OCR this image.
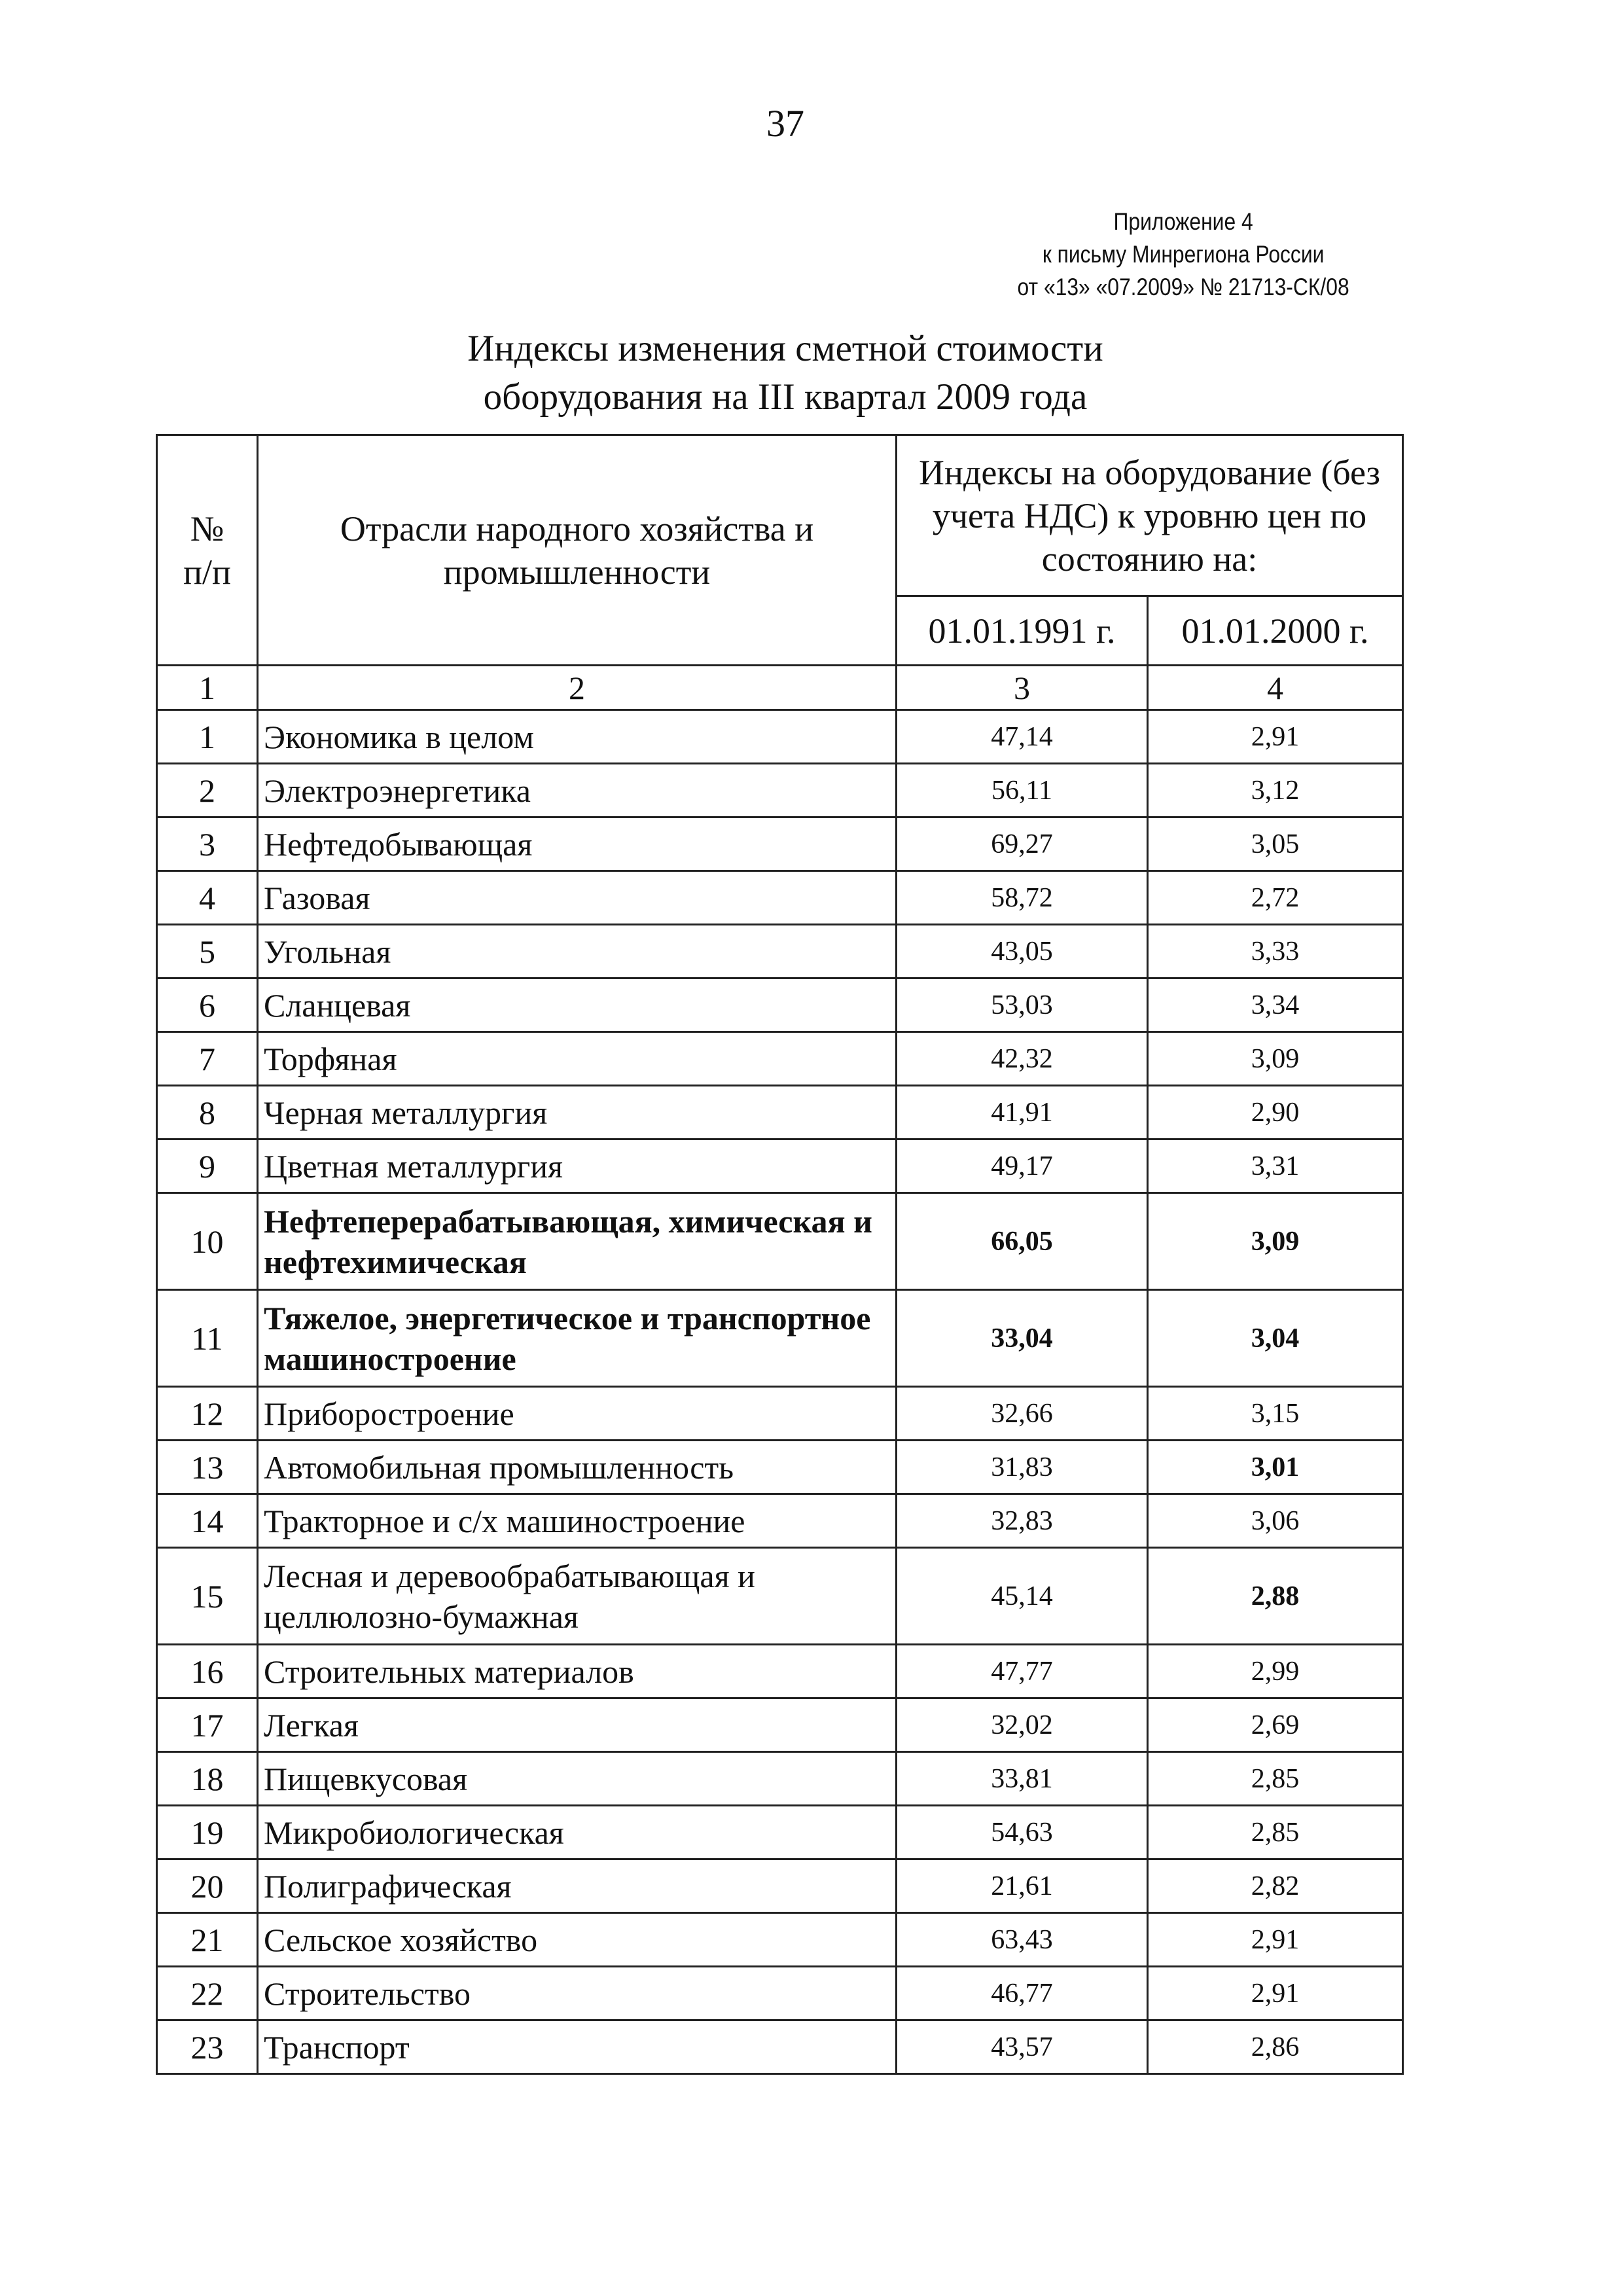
37
Приложение 4
к письму Минрегиона России
от «13» «07.2009» № 21713-СК/08
Индексы изменения сметной стоимости
оборудования на III квартал 2009 года
№ п/п	Отрасли народного хозяйства и промышленности	Индексы на оборудование (без учета НДС) к уровню цен по состоянию на:	
		01.01.1991 г.	01.01.2000 г.
1	2	3	4
1	Экономика в целом	47,14	2,91
2	Электроэнергетика	56,11	3,12
3	Нефтедобывающая	69,27	3,05
4	Газовая	58,72	2,72
5	Угольная	43,05	3,33
6	Сланцевая	53,03	3,34
7	Торфяная	42,32	3,09
8	Черная металлургия	41,91	2,90
9	Цветная металлургия	49,17	3,31
10	Нефтеперерабатывающая, химическая и нефтехимическая	66,05	3,09
11	Тяжелое, энергетическое и транспортное машиностроение	33,04	3,04
12	Приборостроение	32,66	3,15
13	Автомобильная промышленность	31,83	3,01
14	Тракторное и с/х машиностроение	32,83	3,06
15	Лесная и деревообрабатывающая и целлюлозно-бумажная	45,14	2,88
16	Строительных материалов	47,77	2,99
17	Легкая	32,02	2,69
18	Пищевкусовая	33,81	2,85
19	Микробиологическая	54,63	2,85
20	Полиграфическая	21,61	2,82
21	Сельское хозяйство	63,43	2,91
22	Строительство	46,77	2,91
23	Транспорт	43,57	2,86
